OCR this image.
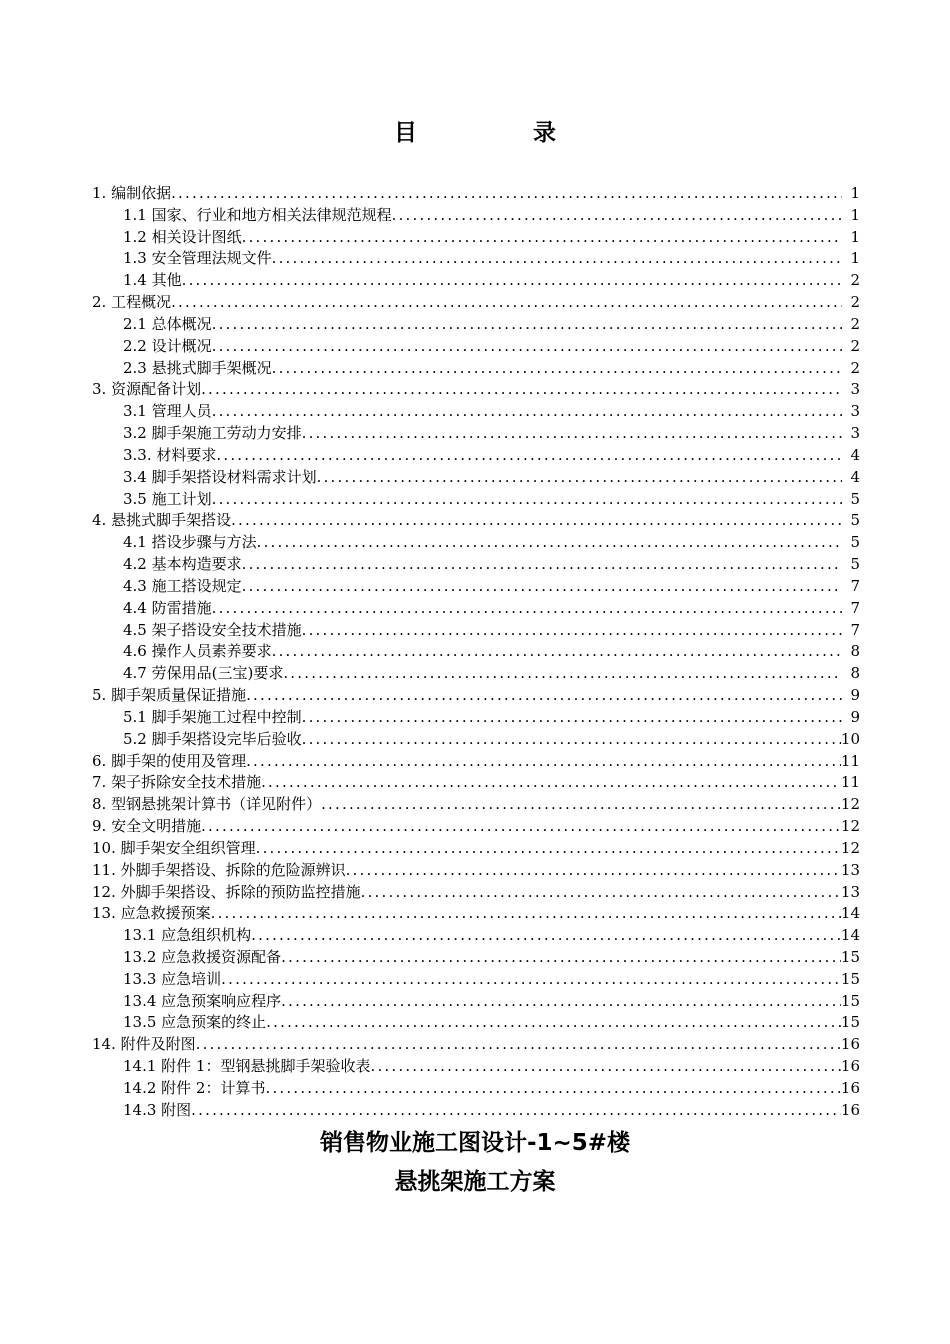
目	录
1. 编制依据 .....	1
1.1 国家、行业和地方相关法律规范规程 .....	1
1.2 相关设计图纸 .....	1
1.3 安全管理法规文件 .....	1
1.4 其他 .....	2
2. 工程概况 .....	2
2.1 总体概况 .....	2
2.2 设计概况 .....	2
2.3 悬挑式脚手架概况 .....	2
3. 资源配备计划 .....	3
3.1 管理人员 .....	3
3.2 脚手架施工劳动力安排 .....	3
3.3. 材料要求 .....	4
3.4 脚手架搭设材料需求计划 .....	4
3.5 施工计划 .....	5
4. 悬挑式脚手架搭设 .....	5
4.1 搭设步骤与方法 .....	5
4.2 基本构造要求 .....	5
4.3 施工搭设规定 .....	7
4.4 防雷措施 .....	7
4.5 架子搭设安全技术措施 .....	7
4.6 操作人员素养要求 .....	8
4.7 劳保用品(三宝)要求 .....	8
5. 脚手架质量保证措施 .....	9
5.1 脚手架施工过程中控制 .....	9
5.2 脚手架搭设完毕后验收 .....	10
6. 脚手架的使用及管理 .....	11
7. 架子拆除安全技术措施 .....	11
8. 型钢悬挑架计算书（详见附件） .....	12
9. 安全文明措施 .....	12
10. 脚手架安全组织管理 .....	12
11. 外脚手架搭设、拆除的危险源辨识 .....	13
12. 外脚手架搭设、拆除的预防监控措施 .....	13
13. 应急救援预案 .....	14
13.1 应急组织机构 .....	14
13.2 应急救援资源配备 .....	15
13.3 应急培训 .....	15
13.4 应急预案响应程序 .....	15
13.5 应急预案的终止 .....	15
14. 附件及附图 .....	16
14.1 附件 1：型钢悬挑脚手架验收表 .....	16
14.2 附件 2：计算书 .....	16
14.3 附图 .....	16
销售物业施工图设计-1~5#楼
悬挑架施工方案
